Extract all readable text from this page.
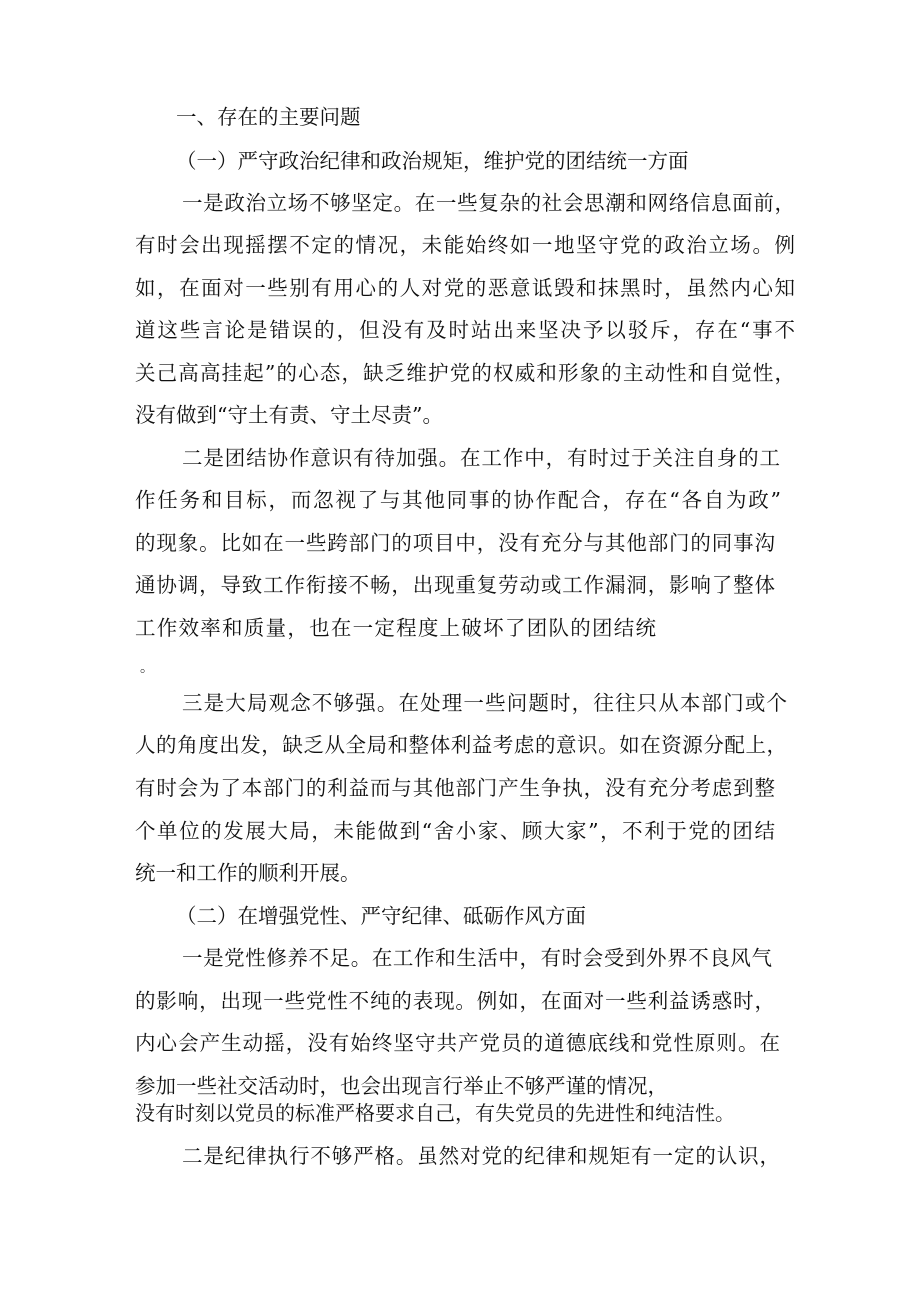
一、存在的主要问题
（一）严守政治纪律和政治规矩，维护党的团结统一方面
一是政治立场不够坚定。在一些复杂的社会思潮和网络信息面前，
有时会出现摇摆不定的情况，未能始终如一地坚守党的政治立场。例
如，在面对一些别有用心的人对党的恶意诋毁和抹黑时，虽然内心知
道这些言论是错误的，但没有及时站出来坚决予以驳斥，存在“事不
关己高高挂起”的心态，缺乏维护党的权威和形象的主动性和自觉性，
没有做到“守土有责、守土尽责”。
二是团结协作意识有待加强。在工作中，有时过于关注自身的工
作任务和目标，而忽视了与其他同事的协作配合，存在“各自为政”
的现象。比如在一些跨部门的项目中，没有充分与其他部门的同事沟
通协调，导致工作衔接不畅，出现重复劳动或工作漏洞，影响了整体
工作效率和质量，也在一定程度上破坏了团队的团结统
。
三是大局观念不够强。在处理一些问题时，往往只从本部门或个
人的角度出发，缺乏从全局和整体利益考虑的意识。如在资源分配上，
有时会为了本部门的利益而与其他部门产生争执，没有充分考虑到整
个单位的发展大局，未能做到“舍小家、顾大家”，不利于党的团结
统一和工作的顺利开展。
（二）在增强党性、严守纪律、砥砺作风方面
一是党性修养不足。在工作和生活中，有时会受到外界不良风气
的影响，出现一些党性不纯的表现。例如，在面对一些利益诱惑时，
内心会产生动摇，没有始终坚守共产党员的道德底线和党性原则。在
参加一些社交活动时，也会出现言行举止不够严谨的情况，
没有时刻以党员的标准严格要求自己，有失党员的先进性和纯洁性。
二是纪律执行不够严格。虽然对党的纪律和规矩有一定的认识，
